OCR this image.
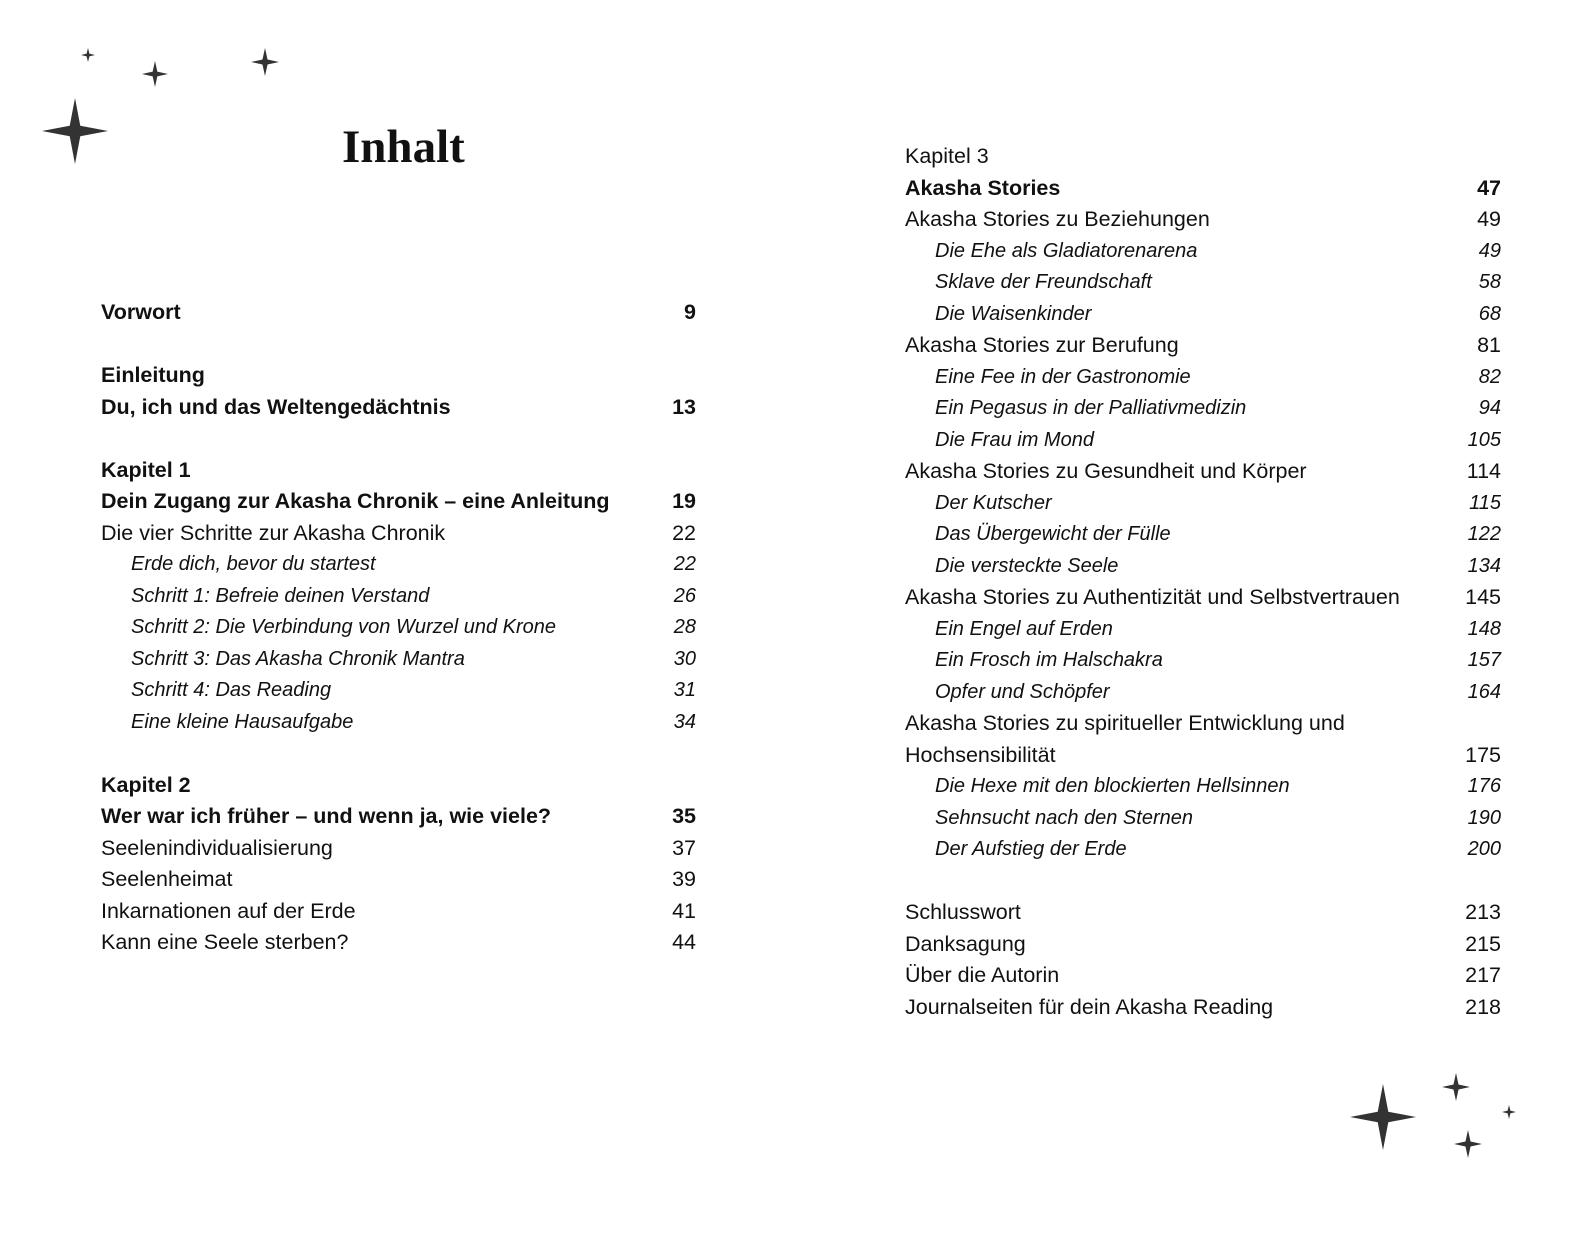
Inhalt
Vorwort	9
Einleitung
Du, ich und das Weltengedächtnis	13
Kapitel 1
Dein Zugang zur Akasha Chronik – eine Anleitung	19
Die vier Schritte zur Akasha Chronik	22
Erde dich, bevor du startest	22
Schritt 1: Befreie deinen Verstand	26
Schritt 2: Die Verbindung von Wurzel und Krone	28
Schritt 3: Das Akasha Chronik Mantra	30
Schritt 4: Das Reading	31
Eine kleine Hausaufgabe	34
Kapitel 2
Wer war ich früher – und wenn ja, wie viele?	35
Seelenindividualisierung	37
Seelenheimat	39
Inkarnationen auf der Erde	41
Kann eine Seele sterben?	44
Kapitel 3
Akasha Stories	47
Akasha Stories zu Beziehungen	49
Die Ehe als Gladiatorenarena	49
Sklave der Freundschaft	58
Die Waisenkinder	68
Akasha Stories zur Berufung	81
Eine Fee in der Gastronomie	82
Ein Pegasus in der Palliativmedizin	94
Die Frau im Mond	105
Akasha Stories zu Gesundheit und Körper	114
Der Kutscher	115
Das Übergewicht der Fülle	122
Die versteckte Seele	134
Akasha Stories zu Authentizität und Selbstvertrauen	145
Ein Engel auf Erden	148
Ein Frosch im Halschakra	157
Opfer und Schöpfer	164
Akasha Stories zu spiritueller Entwicklung und
Hochsensibilität	175
Die Hexe mit den blockierten Hellsinnen	176
Sehnsucht nach den Sternen	190
Der Aufstieg der Erde	200
Schlusswort	213
Danksagung	215
Über die Autorin	217
Journalseiten für dein Akasha Reading	218
